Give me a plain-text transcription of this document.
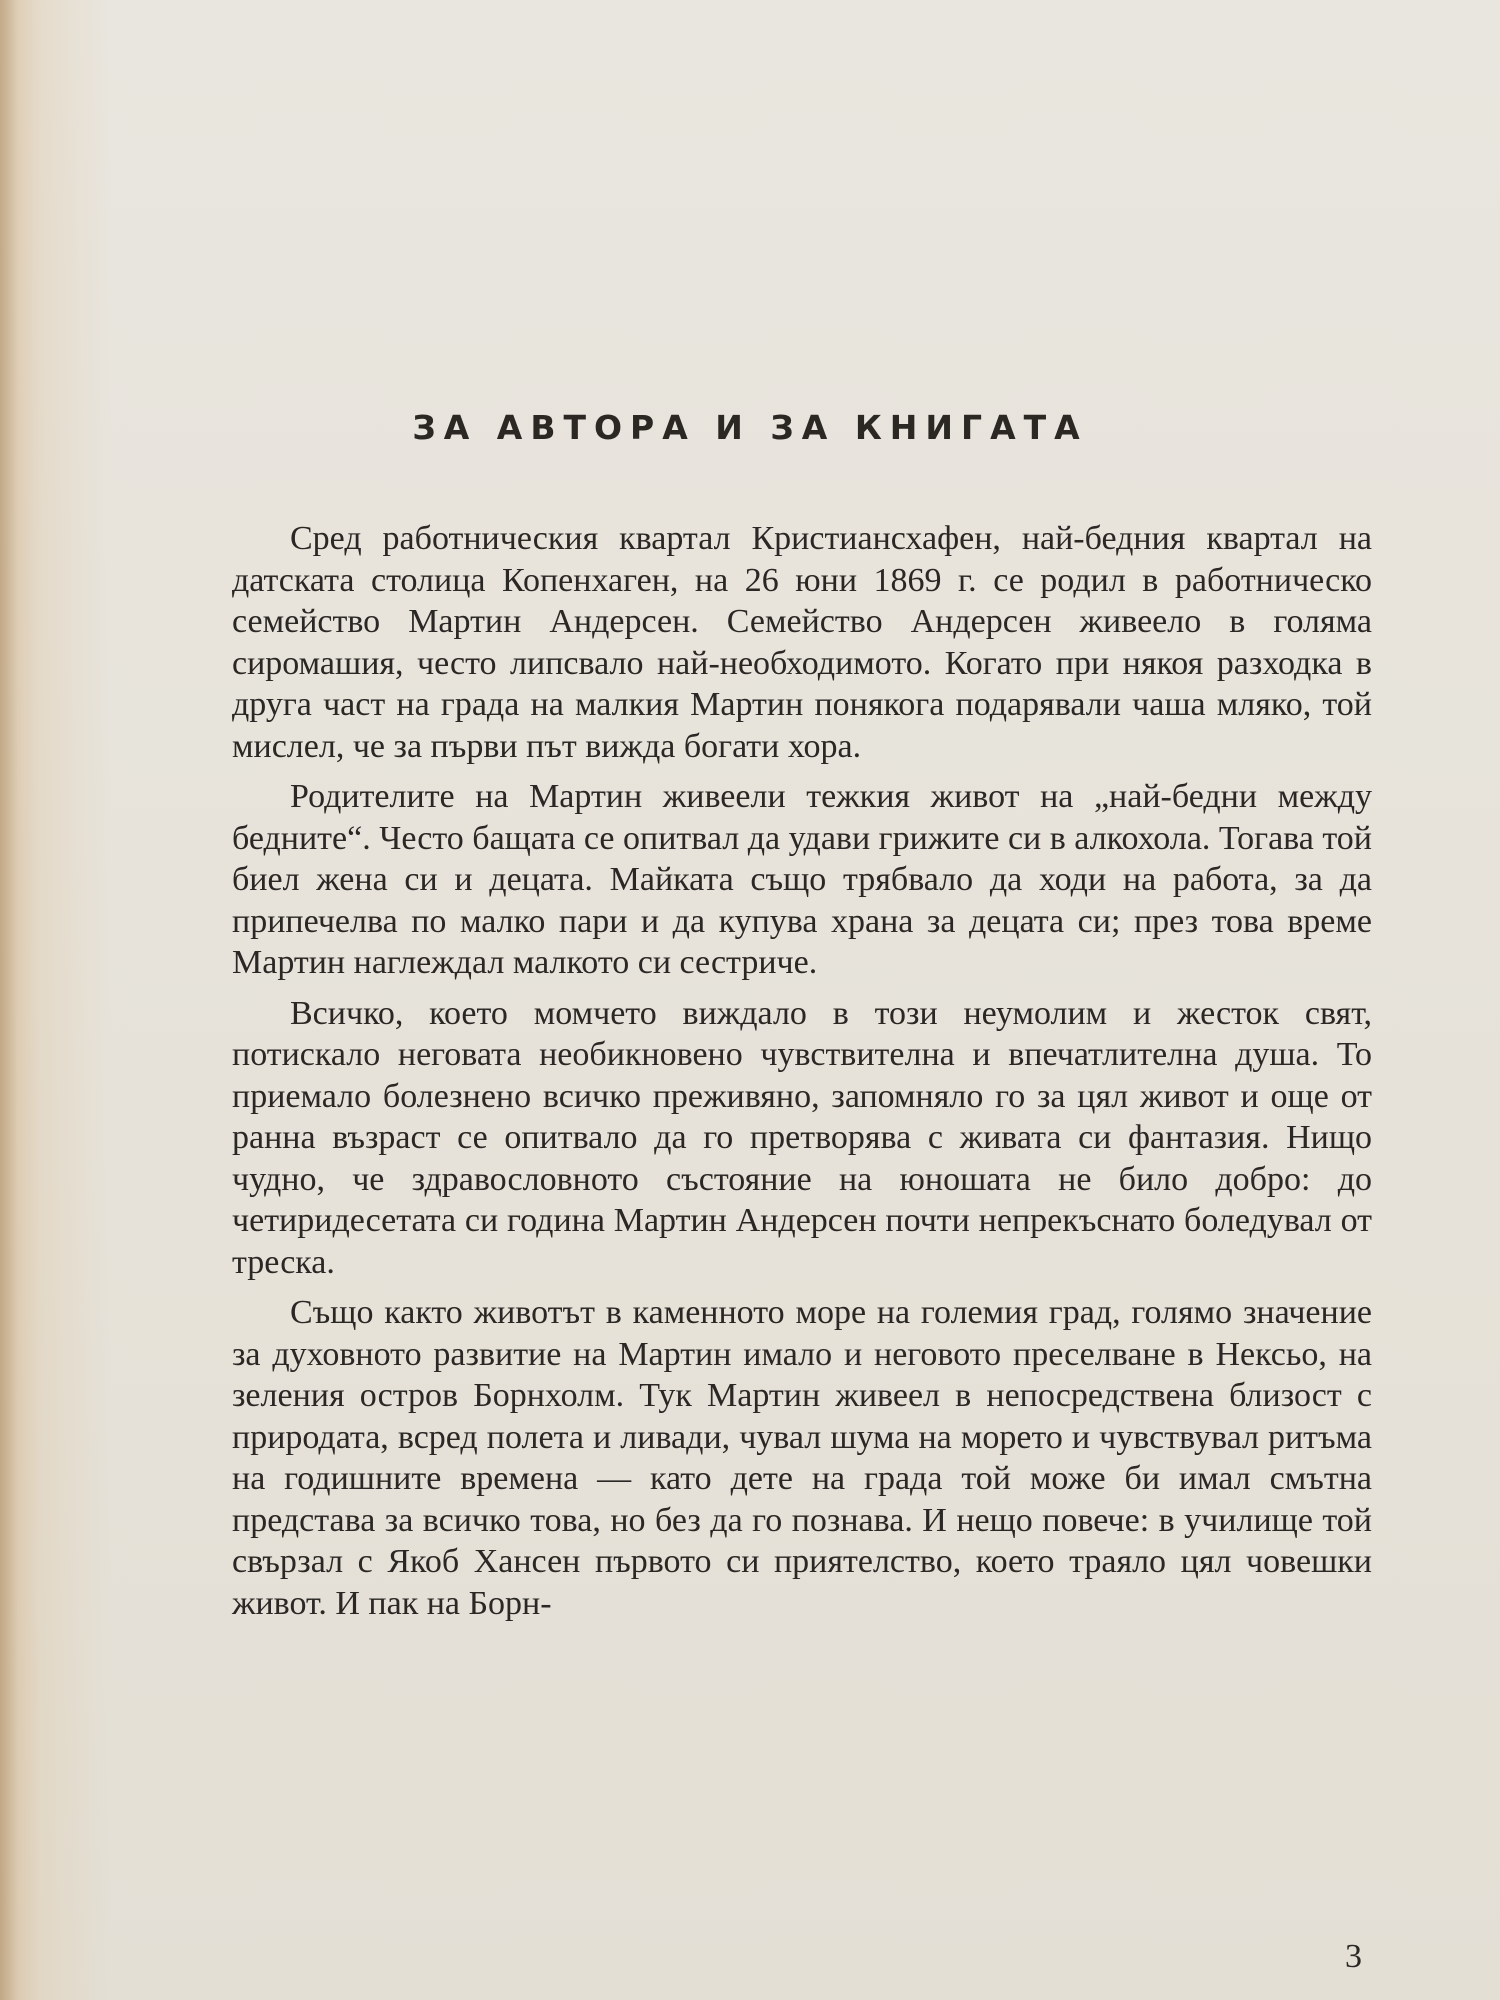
ЗА АВТОРА И ЗА КНИГАТА

Сред работническия квартал Кристиансхафен, най-бедния квартал на датската столица Копенхаген, на 26 юни 1869 г. се родил в работническо семейство Мартин Андерсен. Семейство Андерсен живеело в голяма сиромашия, често липсвало най-необходимото. Когато при някоя разходка в друга част на града на малкия Мартин понякога подарявали чаша мляко, той мислел, че за първи път вижда богати хора.

Родителите на Мартин живеели тежкия живот на „най-бедни между бедните“. Често бащата се опитвал да удави грижите си в алкохола. Тогава той биел жена си и децата. Майката също трябвало да ходи на работа, за да припечелва по малко пари и да купува храна за децата си; през това време Мартин наглеждал малкото си сестриче.

Всичко, което момчето виждало в този неумолим и жесток свят, потискало неговата необикновено чувствителна и впечатлителна душа. То приемало болезнено всичко преживяно, запомняло го за цял живот и още от ранна възраст се опитвало да го претворява с живата си фантазия. Нищо чудно, че здравословното състояние на юношата не било добро: до четиридесетата си година Мартин Андерсен почти непрекъснато боледувал от треска.

Също както животът в каменното море на големия град, голямо значение за духовното развитие на Мартин имало и неговото преселване в Нексьо, на зеления остров Борнхолм. Тук Мартин живеел в непосредствена близост с природата, всред полета и ливади, чувал шума на морето и чувствувал ритъма на годишните времена — като дете на града той може би имал смътна представа за всичко това, но без да го познава. И нещо повече: в училище той свързал с Якоб Хансен първото си приятелство, което траяло цял човешки живот. И пак на Борн-

3
